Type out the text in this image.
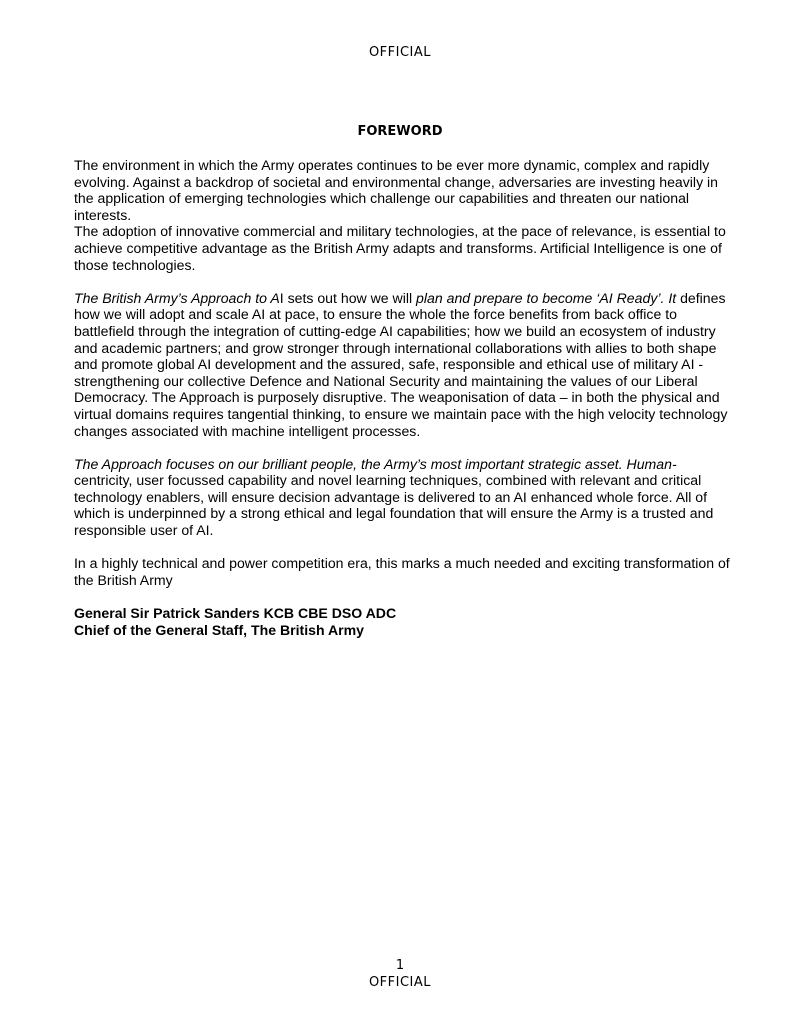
OFFICIAL
FOREWORD

The environment in which the Army operates continues to be ever more dynamic, complex and rapidly evolving. Against a backdrop of societal and environmental change, adversaries are investing heavily in the application of emerging technologies which challenge our capabilities and threaten our national interests.

The adoption of innovative commercial and military technologies, at the pace of relevance, is essential to achieve competitive advantage as the British Army adapts and transforms. Artificial Intelligence is one of those technologies.

The British Army’s Approach to AI sets out how we will plan and prepare to become ‘AI Ready’. It defines how we will adopt and scale AI at pace, to ensure the whole the force benefits from back office to battlefield through the integration of cutting-edge AI capabilities; how we build an ecosystem of industry and academic partners; and grow stronger through international collaborations with allies to both shape and promote global AI development and the assured, safe, responsible and ethical use of military AI - strengthening our collective Defence and National Security and maintaining the values of our Liberal Democracy. The Approach is purposely disruptive. The weaponisation of data – in both the physical and virtual domains requires tangential thinking, to ensure we maintain pace with the high velocity technology changes associated with machine intelligent processes.

The Approach focuses on our brilliant people, the Army’s most important strategic asset. Human-centricity, user focussed capability and novel learning techniques, combined with relevant and critical technology enablers, will ensure decision advantage is delivered to an AI enhanced whole force. All of which is underpinned by a strong ethical and legal foundation that will ensure the Army is a trusted and responsible user of AI.

In a highly technical and power competition era, this marks a much needed and exciting transformation of the British Army

General Sir Patrick Sanders KCB CBE DSO ADC
Chief of the General Staff, The British Army
1
OFFICIAL
